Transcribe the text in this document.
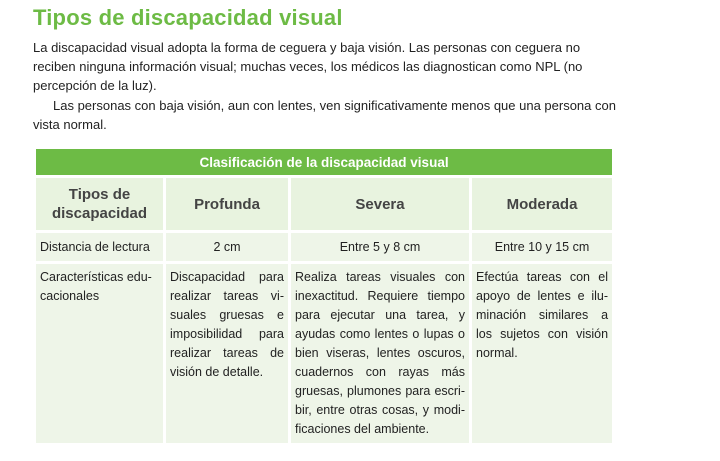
Tipos de discapacidad visual

La discapacidad visual adopta la forma de ceguera y baja visión. Las personas con ceguera no reciben ninguna información visual; muchas veces, los médicos las diagnostican como NPL (no percepción de la luz).

Las personas con baja visión, aun con lentes, ven significativamente menos que una persona con vista normal.

Clasificación de la discapacidad visual			
Tipos de discapacidad	Profunda	Severa	Moderada
Distancia de lectura	2 cm	Entre 5 y 8 cm	Entre 10 y 15 cm
Características edu-cacionales	Discapacidad para realizar tareas vi-suales gruesas e imposibilidad para realizar tareas de visión de detalle.	Realiza tareas visuales con inexactitud. Requiere tiempo para ejecutar una tarea, y ayudas como lentes o lupas o bien viseras, lentes oscuros, cuadernos con rayas más gruesas, plumones para escri-bir, entre otras cosas, y modi-ficaciones del ambiente.	Efectúa tareas con el apoyo de lentes e ilu-minación similares a los sujetos con visión normal.
